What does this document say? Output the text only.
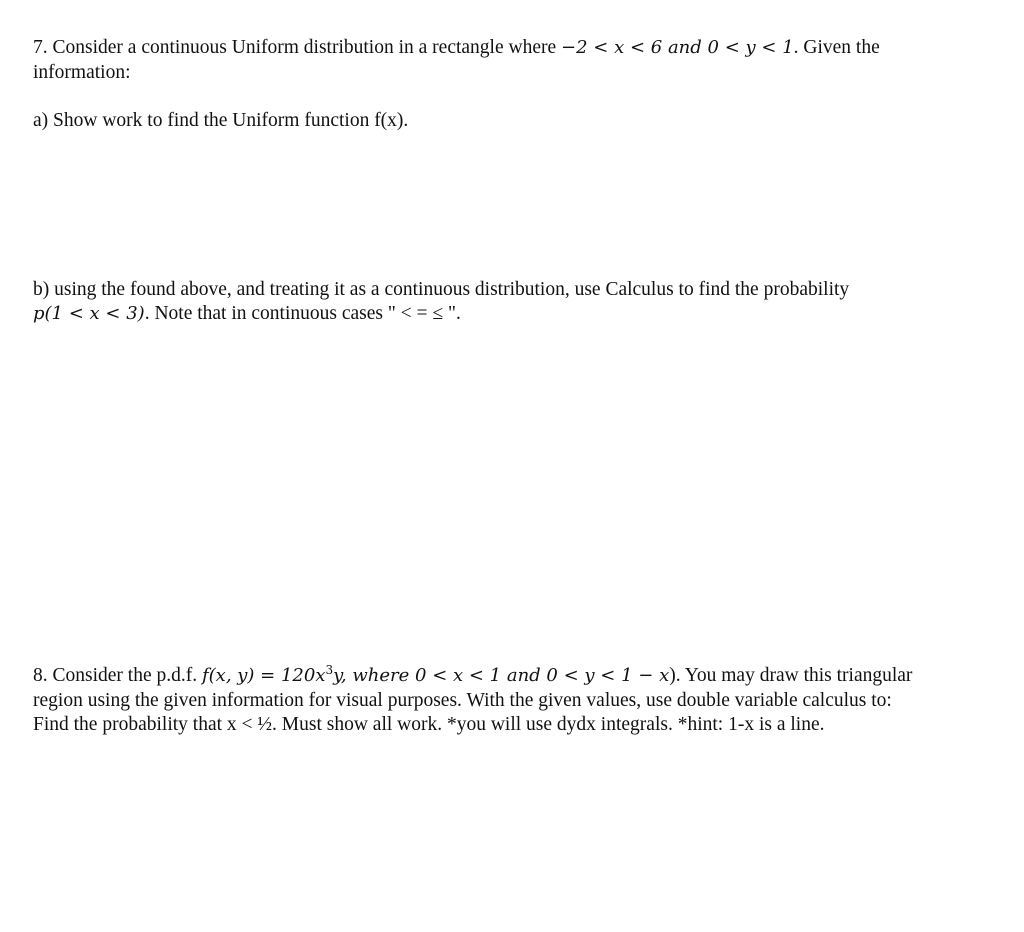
7. Consider a continuous Uniform distribution in a rectangle where −2 < x < 6 and 0 < y < 1. Given the
information:
a) Show work to find the Uniform function f(x).
b) using the found above, and treating it as a continuous distribution, use Calculus to find the probability
p(1 < x < 3). Note that in continuous cases " < = ≤ ".
8. Consider the p.d.f. f(x, $y) = 120x^3y$, where 0 < x < 1 and 0 < y < 1 − x). You may draw this triangular
region using the given information for visual purposes. With the given values, use double variable calculus to:
Find the probability that x < ½. Must show all work. *you will use dydx integrals. *hint: 1-x is a line.
